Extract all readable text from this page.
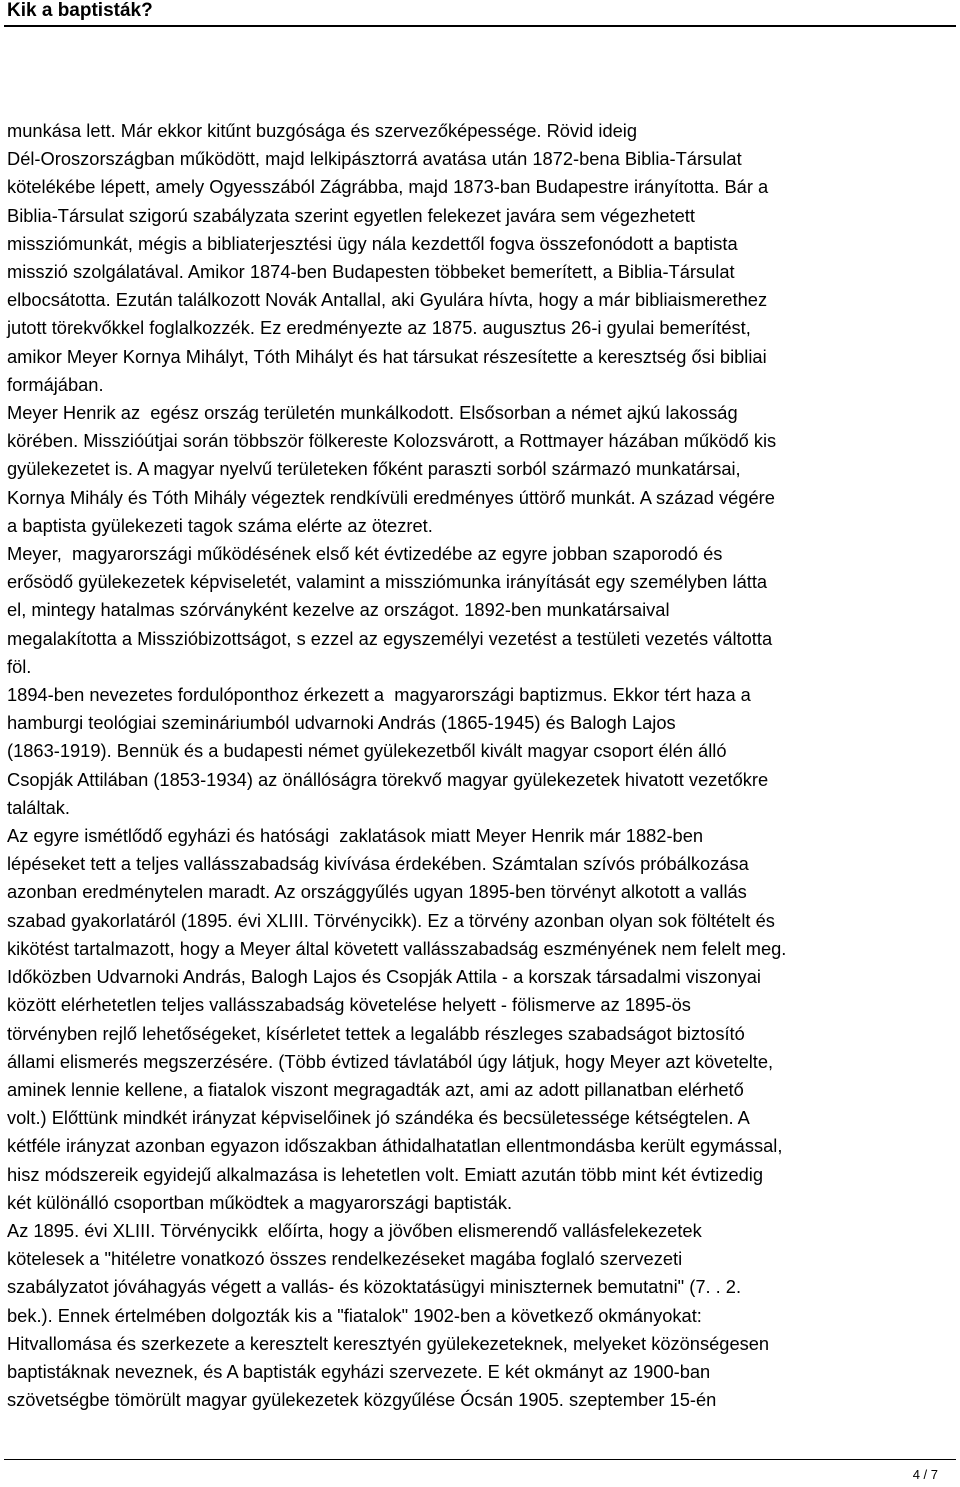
Kik a baptisták?

munkása lett. Már ekkor kitűnt buzgósága és szervezőképessége. Rövid ideig

Dél-Oroszországban működött, majd lelkipásztorrá avatása után 1872-bena Biblia-Társulat

kötelékébe lépett, amely Ogyesszából Zágrábba, majd 1873-ban Budapestre irányította. Bár a

Biblia-Társulat szigorú szabályzata szerint egyetlen felekezet javára sem végezhetett

missziómunkát, mégis a bibliaterjesztési ügy nála kezdettől fogva összefonódott a baptista

misszió szolgálatával. Amikor 1874-ben Budapesten többeket bemerített, a Biblia-Társulat

elbocsátotta. Ezután találkozott Novák Antallal, aki Gyulára hívta, hogy a már bibliaismerethez

jutott törekvőkkel foglalkozzék. Ez eredményezte az 1875. augusztus 26-i gyulai bemerítést,

amikor Meyer Kornya Mihályt, Tóth Mihályt és hat társukat részesítette a keresztség ősi bibliai

formájában.

Meyer Henrik az  egész ország területén munkálkodott. Elsősorban a német ajkú lakosság

körében. Misszióútjai során többször fölkereste Kolozsvárott, a Rottmayer házában működő kis

gyülekezetet is. A magyar nyelvű területeken főként paraszti sorból származó munkatársai,

Kornya Mihály és Tóth Mihály végeztek rendkívüli eredményes úttörő munkát. A század végére

a baptista gyülekezeti tagok száma elérte az ötezret.

Meyer,  magyarországi működésének első két évtizedébe az egyre jobban szaporodó és

erősödő gyülekezetek képviseletét, valamint a missziómunka irányítását egy személyben látta

el, mintegy hatalmas szórványként kezelve az országot. 1892-ben munkatársaival

megalakította a Misszióbizottságot, s ezzel az egyszemélyi vezetést a testületi vezetés váltotta

föl.

1894-ben nevezetes fordulóponthoz érkezett a  magyarországi baptizmus. Ekkor tért haza a

hamburgi teológiai szemináriumból udvarnoki András (1865-1945) és Balogh Lajos

(1863-1919). Bennük és a budapesti német gyülekezetből kivált magyar csoport élén álló

Csopják Attilában (1853-1934) az önállóságra törekvő magyar gyülekezetek hivatott vezetőkre

találtak.

Az egyre ismétlődő egyházi és hatósági  zaklatások miatt Meyer Henrik már 1882-ben

lépéseket tett a teljes vallásszabadság kivívása érdekében. Számtalan szívós próbálkozása

azonban eredménytelen maradt. Az országgyűlés ugyan 1895-ben törvényt alkotott a vallás

szabad gyakorlatáról (1895. évi XLIII. Törvénycikk). Ez a törvény azonban olyan sok föltételt és

kikötést tartalmazott, hogy a Meyer által követett vallásszabadság eszményének nem felelt meg.

Időközben Udvarnoki András, Balogh Lajos és Csopják Attila - a korszak társadalmi viszonyai

között elérhetetlen teljes vallásszabadság követelése helyett - fölismerve az 1895-ös

törvényben rejlő lehetőségeket, kísérletet tettek a legalább részleges szabadságot biztosító

állami elismerés megszerzésére. (Több évtized távlatából úgy látjuk, hogy Meyer azt követelte,

aminek lennie kellene, a fiatalok viszont megragadták azt, ami az adott pillanatban elérhető

volt.) Előttünk mindkét irányzat képviselőinek jó szándéka és becsületessége kétségtelen. A

kétféle irányzat azonban egyazon időszakban áthidalhatatlan ellentmondásba került egymással,

hisz módszereik egyidejű alkalmazása is lehetetlen volt. Emiatt azután több mint két évtizedig

két különálló csoportban működtek a magyarországi baptisták.

Az 1895. évi XLIII. Törvénycikk  előírta, hogy a jövőben elismerendő vallásfelekezetek

kötelesek a "hitéletre vonatkozó összes rendelkezéseket magába foglaló szervezeti

szabályzatot jóváhagyás végett a vallás- és közoktatásügyi miniszternek bemutatni" (7. . 2.

bek.). Ennek értelmében dolgozták kis a "fiatalok" 1902-ben a következő okmányokat:

Hitvallomása és szerkezete a keresztelt keresztyén gyülekezeteknek, melyeket közönségesen

baptistáknak neveznek, és A baptisták egyházi szervezete. E két okmányt az 1900-ban

szövetségbe tömörült magyar gyülekezetek közgyűlése Ócsán 1905. szeptember 15-én

4 / 7
